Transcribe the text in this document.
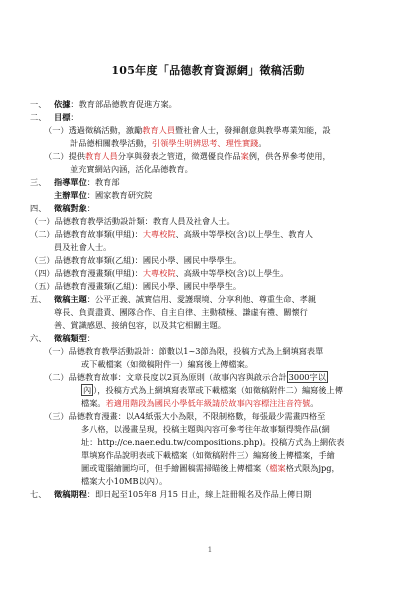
105年度「品德教育資源網」徵稿活動
一、 依據：教育部品德教育促進方案。
二、 目標：
（一）透過徵稿活動，激勵教育人員暨社會人士，發揮創意與教學專業知能，設
計品德相關教學活動，引領學生明辨思考、理性實踐。
（二）提供教育人員分享與發表之管道，徵選優良作品案例，供各界參考使用，
並充實網站內涵，活化品德教育。
三、 指導單位：教育部
主辦單位：國家教育研究院
四、 徵稿對象：
（一）品德教育教學活動設計類：教育人員及社會人士。
（二）品德教育故事類(甲組)：大專校院、高級中等學校(含)以上學生、教育人
員及社會人士。
（三）品德教育故事類(乙組)：國民小學、國民中學學生。
（四）品德教育漫畫類(甲組)：大專校院、高級中等學校(含)以上學生。
（五）品德教育漫畫類(乙組)：國民小學、國民中學學生。
五、 徵稿主題：公平正義、誠實信用、愛護環境、分享利他、尊重生命、孝親
尊長、負責盡責、團隊合作、自主自律、主動積極、謙虛有禮、關懷行
善、賞識感恩、接納包容，以及其它相關主題。
六、 徵稿類型：
（一）品德教育教學活動設計：節數以1~3節為限，投稿方式為上網填寫表單
或下載檔案（如徵稿附件一）編寫後上傳檔案。
（二）品德教育故事：文章長度以2頁為原則（故事內容與啟示合計 3000字以
內 ），投稿方式為上網填寫表單或下載檔案（如徵稿附件二）編寫後上傳
檔案。若適用階段為國民小學低年級請於故事內容標注注音符號。
（三）品德教育漫畫：以A4紙張大小為限，不限制格數，每張最少需畫四格至
多八格，以漫畫呈現，投稿主題與內容可參考往年故事類得獎作品(網
址：http://ce.naer.edu.tw/compositions.php)。投稿方式為上網依表
單填寫作品說明表或下載檔案（如徵稿附件三）編寫後上傳檔案，手繪
圖或電腦繪圖均可，但手繪圖稿需掃瞄後上傳檔案（檔案格式限為jpg，
檔案大小10MB以內）。
七、 徵稿期程：即日起至105年8 月15 日止，線上註冊報名及作品上傳日期
1
